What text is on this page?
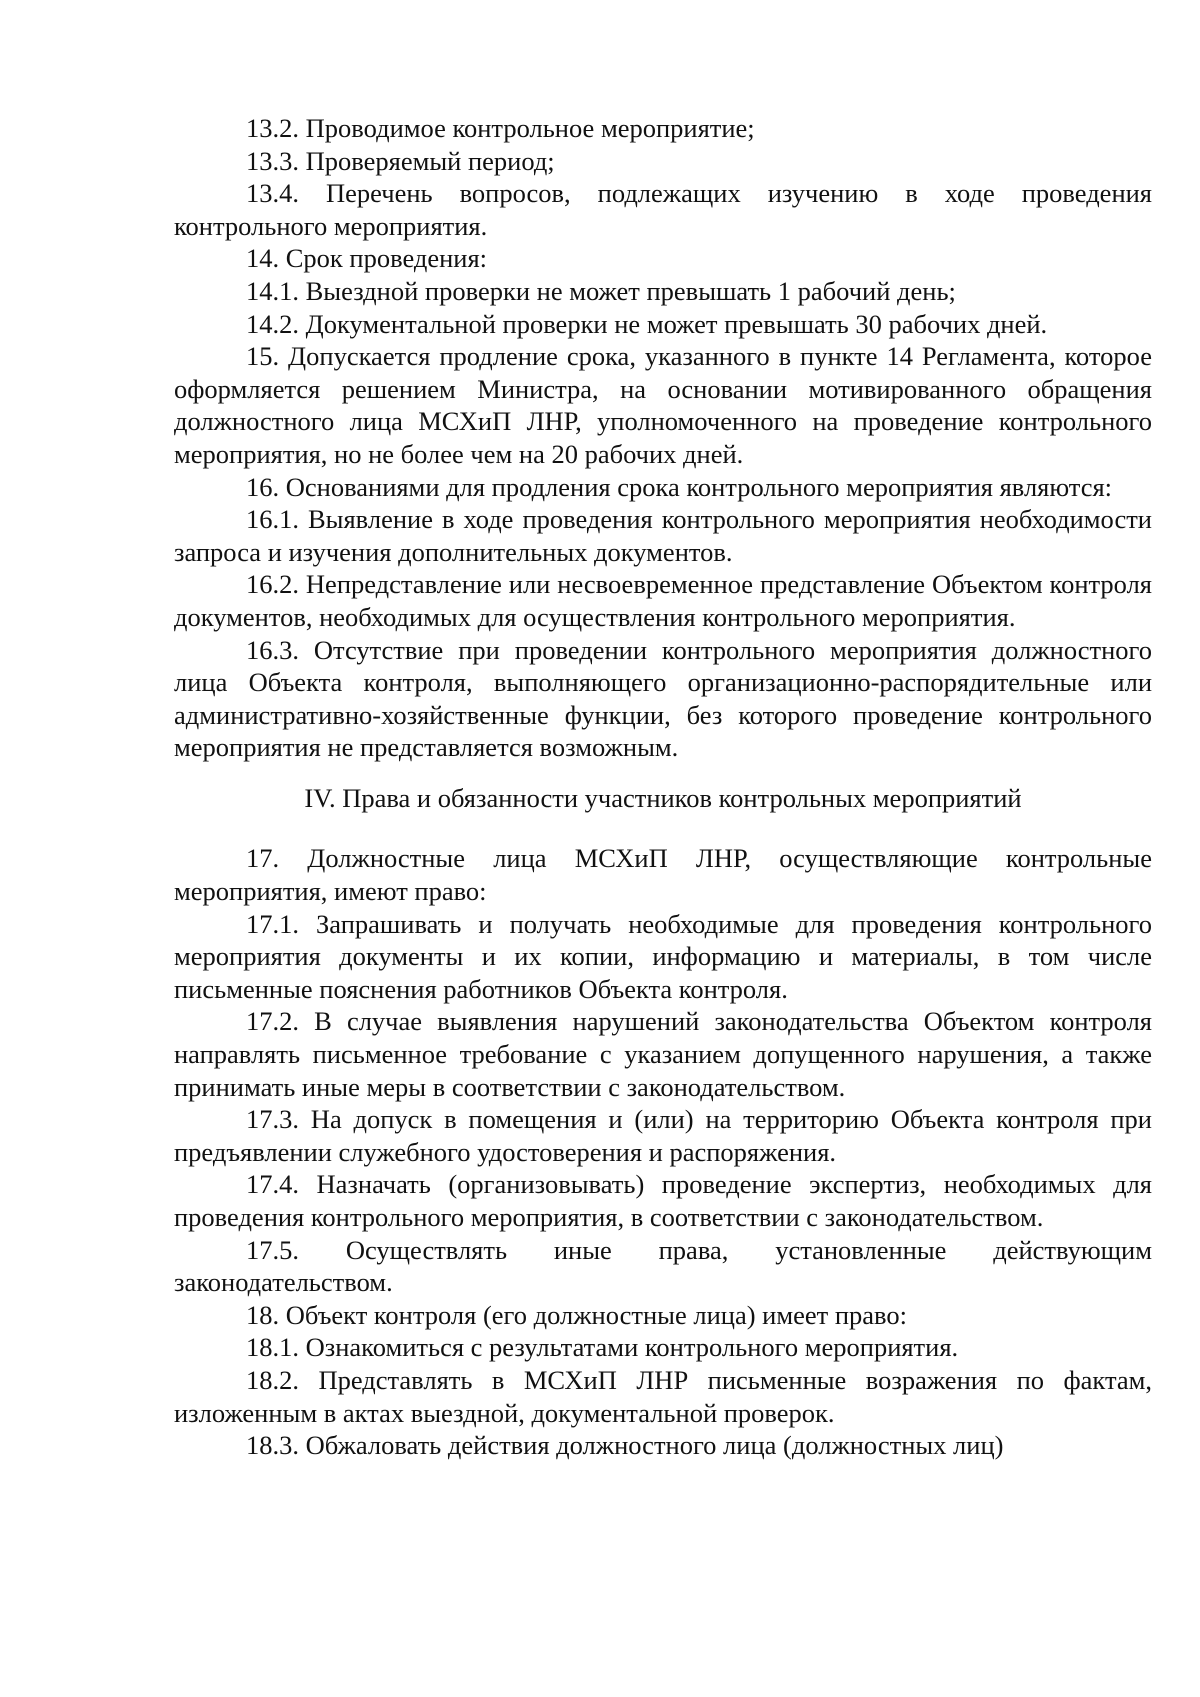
13.2. Проводимое контрольное мероприятие;

13.3. Проверяемый период;

13.4. Перечень вопросов, подлежащих изучению в ходе проведения контрольного мероприятия.

14. Срок проведения:

14.1. Выездной проверки не может превышать 1 рабочий день;

14.2. Документальной проверки не может превышать 30 рабочих дней.

15. Допускается продление срока, указанного в пункте 14 Регламента, которое оформляется решением Министра, на основании мотивированного обращения должностного лица МСХиП ЛНР, уполномоченного на проведение контрольного мероприятия, но не более чем на 20 рабочих дней.

16. Основаниями для продления срока контрольного мероприятия являются:

16.1. Выявление в ходе проведения контрольного мероприятия необходимости запроса и изучения дополнительных документов.

16.2. Непредставление или несвоевременное представление Объектом контроля документов, необходимых для осуществления контрольного мероприятия.

16.3. Отсутствие при проведении контрольного мероприятия должностного лица Объекта контроля, выполняющего организационно-распорядительные или административно-хозяйственные функции, без которого проведение контрольного мероприятия не представляется возможным.

IV. Права и обязанности участников контрольных мероприятий

17. Должностные лица МСХиП ЛНР, осуществляющие контрольные мероприятия, имеют право:

17.1. Запрашивать и получать необходимые для проведения контрольного мероприятия документы и их копии, информацию и материалы, в том числе письменные пояснения работников Объекта контроля.

17.2. В случае выявления нарушений законодательства Объектом контроля направлять письменное требование с указанием допущенного нарушения, а также принимать иные меры в соответствии с законодательством.

17.3. На допуск в помещения и (или) на территорию Объекта контроля при предъявлении служебного удостоверения и распоряжения.

17.4. Назначать (организовывать) проведение экспертиз, необходимых для проведения контрольного мероприятия, в соответствии с законодательством.

17.5. Осуществлять иные права, установленные действующим законодательством.

18. Объект контроля (его должностные лица) имеет право:

18.1. Ознакомиться с результатами контрольного мероприятия.

18.2. Представлять в МСХиП ЛНР письменные возражения по фактам, изложенным в актах выездной, документальной проверок.

18.3. Обжаловать действия должностного лица (должностных лиц)
